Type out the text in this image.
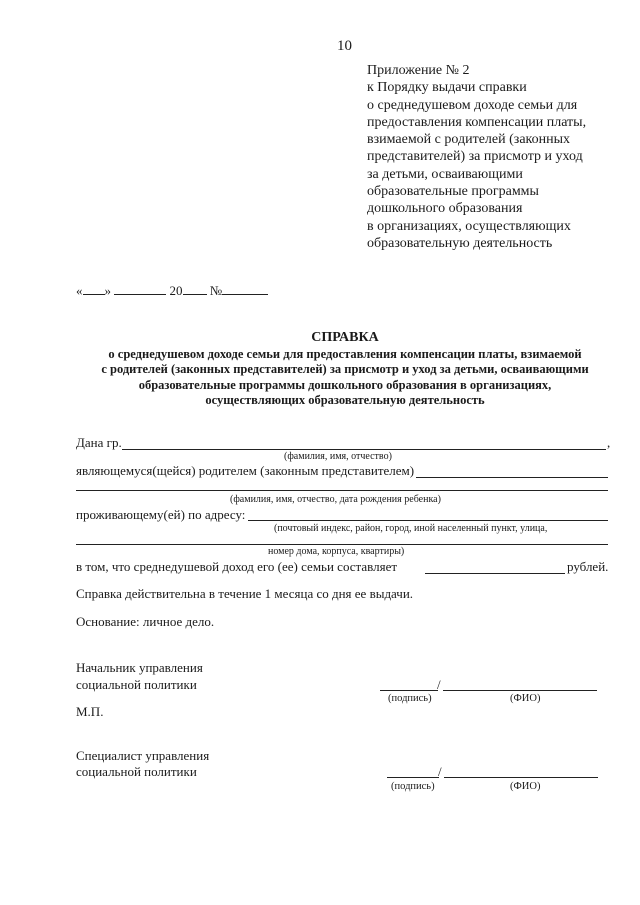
10
Приложение № 2
к Порядку выдачи справки
о среднедушевом доходе семьи для
предоставления компенсации платы,
взимаемой с родителей (законных
представителей) за присмотр и уход
за детьми, осваивающими
образовательные программы
дошкольного образования
в организациях, осуществляющих
образовательную деятельность
« »	20 №
СПРАВКА
о среднедушевом доходе семьи для предоставления компенсации платы, взимаемой
с родителей (законных представителей) за присмотр и уход за детьми, осваивающими
образовательные программы дошкольного образования в организациях,
осуществляющих образовательную деятельность
Дана гр.	,
(фамилия, имя, отчество)
являющемуся(щейся) родителем (законным представителем)
(фамилия, имя, отчество, дата рождения ребенка)
проживающему(ей) по адресу:
(почтовый индекс, район, город, иной населенный пункт, улица,
номер дома, корпуса, квартиры)
в том, что среднедушевой доход его (ее) семьи составляет	рублей.
Справка действительна в течение 1 месяца со дня ее выдачи.
Основание: личное дело.
Начальник управления
социальной политики	/
(подпись)	(ФИО)
М.П.
Специалист управления
социальной политики	/
(подпись)	(ФИО)
